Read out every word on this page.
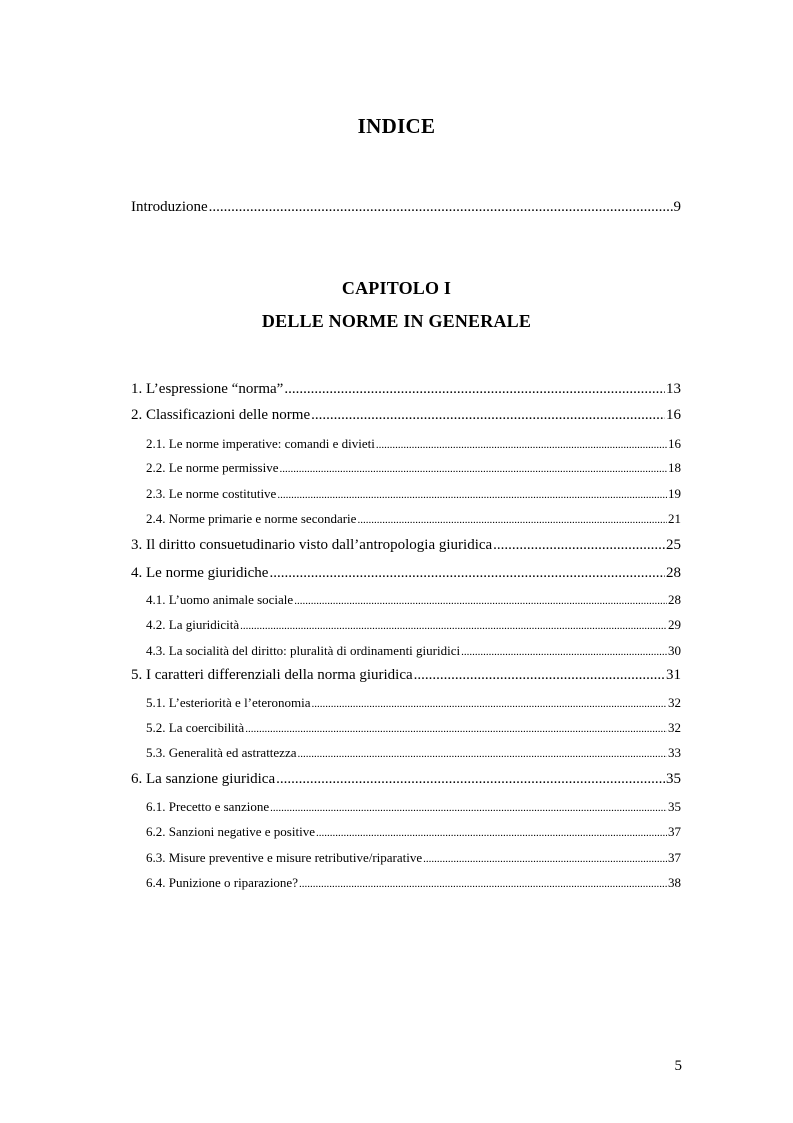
INDICE
Introduzione .....	9
CAPITOLO I
DELLE NORME IN GENERALE
1. L’espressione “norma” .....	13
2. Classificazioni delle norme .....	16
2.1. Le norme imperative: comandi e divieti .....	16
2.2. Le norme permissive .....	18
2.3. Le norme costitutive .....	19
2.4. Norme primarie e norme secondarie .....	21
3. Il diritto consuetudinario visto dall’antropologia giuridica .....	25
4. Le norme giuridiche .....	28
4.1. L’uomo animale sociale .....	28
4.2. La giuridicità .....	29
4.3. La socialità del diritto: pluralità di ordinamenti giuridici .....	30
5. I caratteri differenziali della norma giuridica .....	31
5.1. L’esteriorità e l’eteronomia .....	32
5.2. La coercibilità .....	32
5.3. Generalità ed astrattezza .....	33
6. La sanzione giuridica .....	35
6.1. Precetto e sanzione .....	35
6.2. Sanzioni negative e positive .....	37
6.3. Misure preventive e misure retributive/riparative .....	37
6.4. Punizione o riparazione? .....	38
5
